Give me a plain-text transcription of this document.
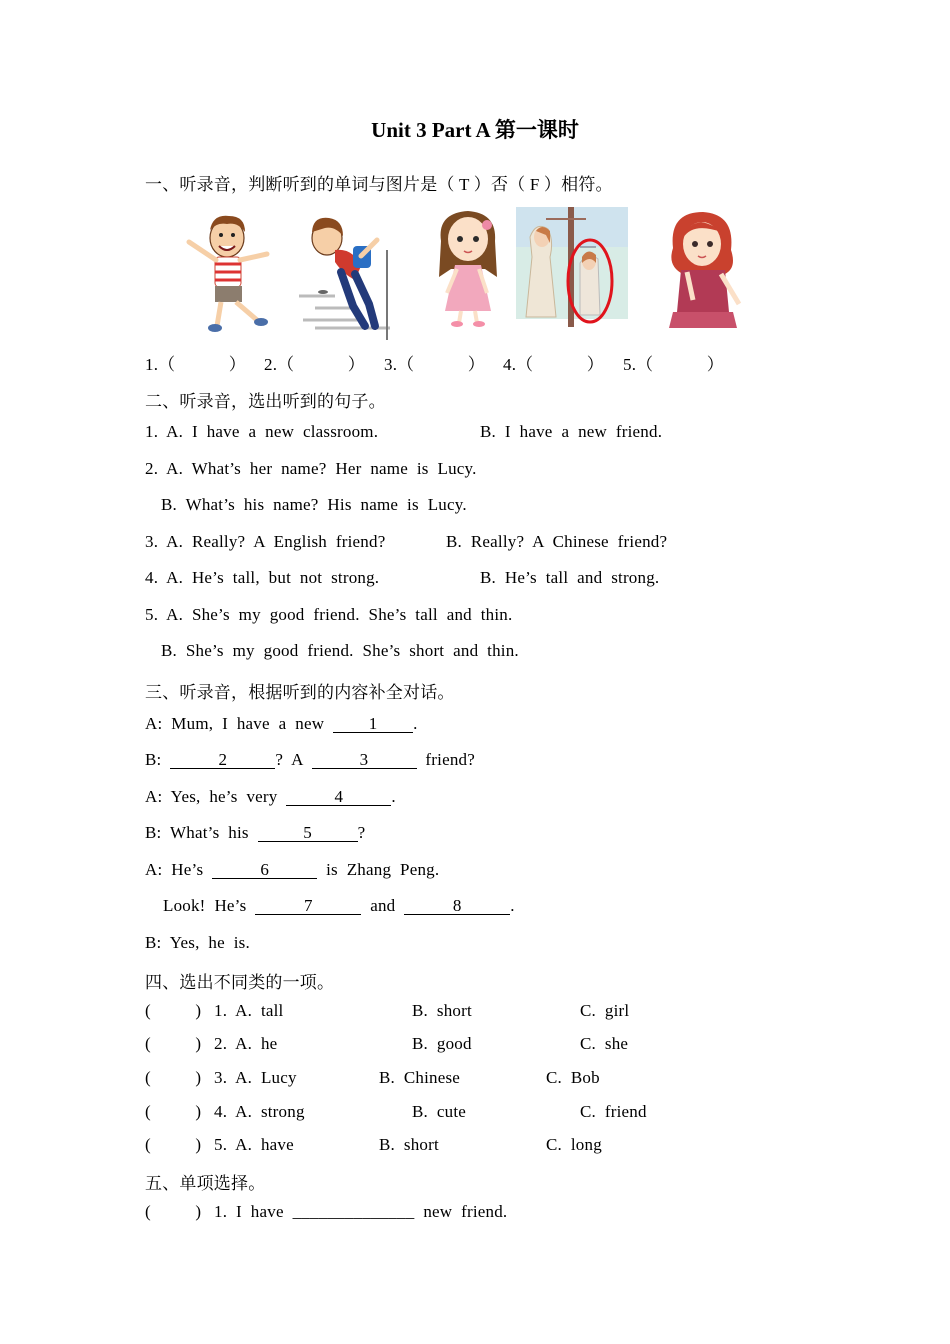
Unit 3 Part A 第一课时
一、听录音，判断听到的单词与图片是（ T ）否（ F ）相符。
1.（            ） 2.（            ） 3.（            ） 4.（            ） 5.（            ）
二、听录音，选出听到的句子。
1.  A.  I  have  a  new  classroom.	B.  I  have  a  new  friend.
2.  A.  What’s  her  name?  Her  name  is  Lucy.
B.  What’s  his  name?  His  name  is  Lucy.
3.  A.  Really?  A  English  friend?	B.  Really?  A  Chinese  friend?
4.  A.  He’s  tall,  but  not  strong.	B.  He’s  tall  and  strong.
5.  A.  She’s  my  good  friend.  She’s  tall  and  thin.
B.  She’s  my  good  friend.  She’s  short  and  thin.
三、听录音，根据听到的内容补全对话。
A:  Mum,  I  have  a  new  1 .
B:	2	?  A	3	friend?
A:  Yes,  he’s  very	4	.
B:  What’s  his	5	?
A:  He’s	6	is  Zhang  Peng.
Look!  He’s	7	and	8	.
B:  Yes,  he  is.
四、选出不同类的一项。
(          ) 1.  A.  tall	B.  short	C.  girl
(          ) 2.  A.  he	B.  good	C.  she
(          ) 3.  A.  Lucy	B.  Chinese	C.  Bob
(          ) 4.  A.  strong	B.  cute	C.  friend
(          ) 5.  A.  have	B.  short	C.  long
五、单项选择。
(          ) 1.  I  have  ______________  new  friend.
